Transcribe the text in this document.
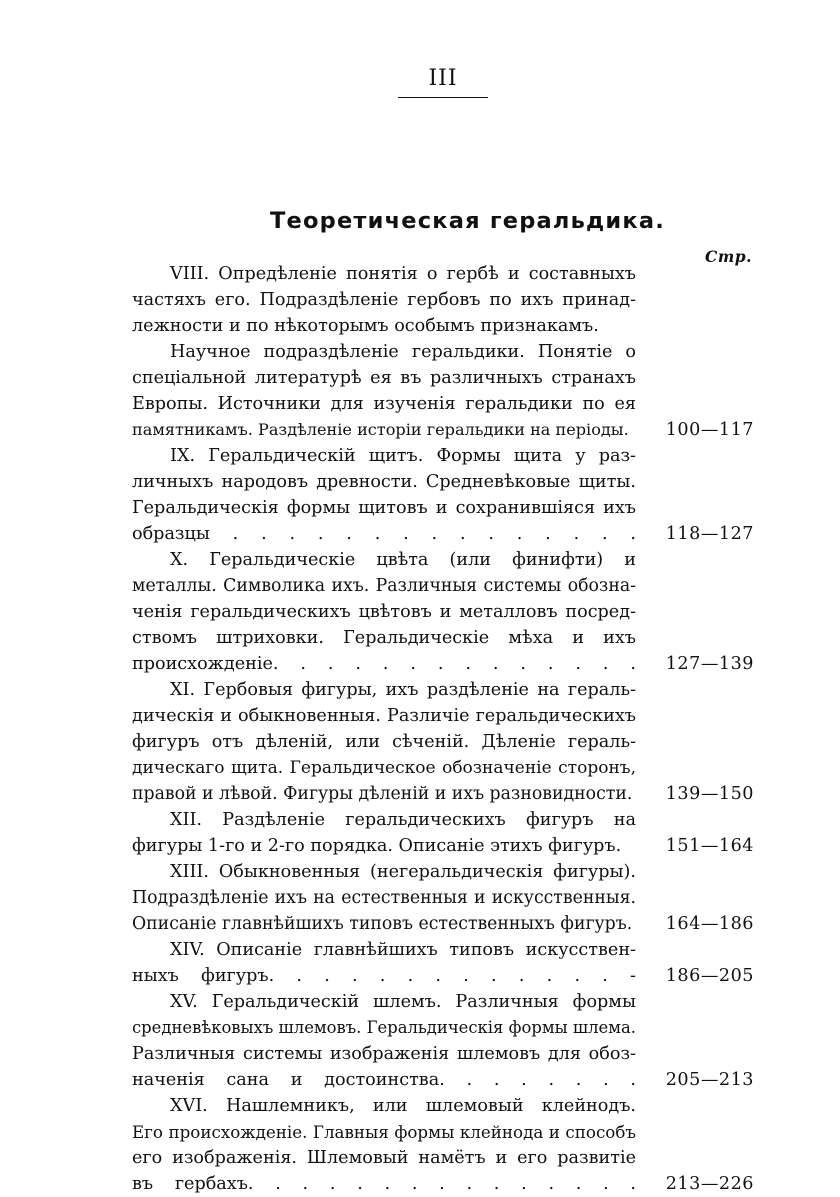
III
Теоретическая геральдика.
Стр.
VIII. Опредѣленіе понятія о гербѣ и составныхъ
частяхъ его. Подраздѣленіе гербовъ по ихъ принад-
лежности и по нѣкоторымъ особымъ признакамъ.
Научное подраздѣленіе геральдики. Понятіе о
спеціальной литературѣ ея въ различныхъ странахъ
Европы. Источники для изученія геральдики по ея
памятникамъ. Раздѣленіе исторіи геральдики на періоды.	100—117
IX. Геральдическій щитъ. Формы щита у раз-
личныхъ народовъ древности. Средневѣковые щиты.
Геральдическія формы щитовъ и сохранившіяся ихъ
образцы . . . . . . . . . . . . . . .	118—127
X. Геральдическіе цвѣта (или финифти) и
металлы. Символика ихъ. Различныя системы обозна-
ченія геральдическихъ цвѣтовъ и металловъ посред-
ствомъ штриховки. Геральдическіе мѣха и ихъ
происхожденіе. . . . . . . . . . . . . .	127—139
XI. Гербовыя фигуры, ихъ раздѣленіе на гераль-
дическія и обыкновенныя. Различіе геральдическихъ
фигуръ отъ дѣленій, или сѣченій. Дѣленіе гераль-
дическаго щита. Геральдическое обозначеніе сторонъ,
правой и лѣвой. Фигуры дѣленій и ихъ разновидности.	139—150
XII. Раздѣленіе геральдическихъ фигуръ на
фигуры 1-го и 2-го порядка. Описаніе этихъ фигуръ.	151—164
XIII. Обыкновенныя (негеральдическія фигуры).
Подраздѣленіе ихъ на естественныя и искусственныя.
Описаніе главнѣйшихъ типовъ естественныхъ фигуръ.	164—186
XIV. Описаніе главнѣйшихъ типовъ искусствен-
ныхъ фигуръ. . . . . . . . . . . . . -	186—205
XV. Геральдическій шлемъ. Различныя формы
средневѣковыхъ шлемовъ. Геральдическія формы шлема.
Различныя системы изображенія шлемовъ для обоз-
наченія сана и достоинства. . . . . . . .	205—213
XVI. Нашлемникъ, или шлемовый клейнодъ.
Его происхожденіе. Главныя формы клейнода и способъ
его изображенія. Шлемовый намётъ и его развитіе
въ гербахъ. . . . . . . . . . . . . . .	213—226
